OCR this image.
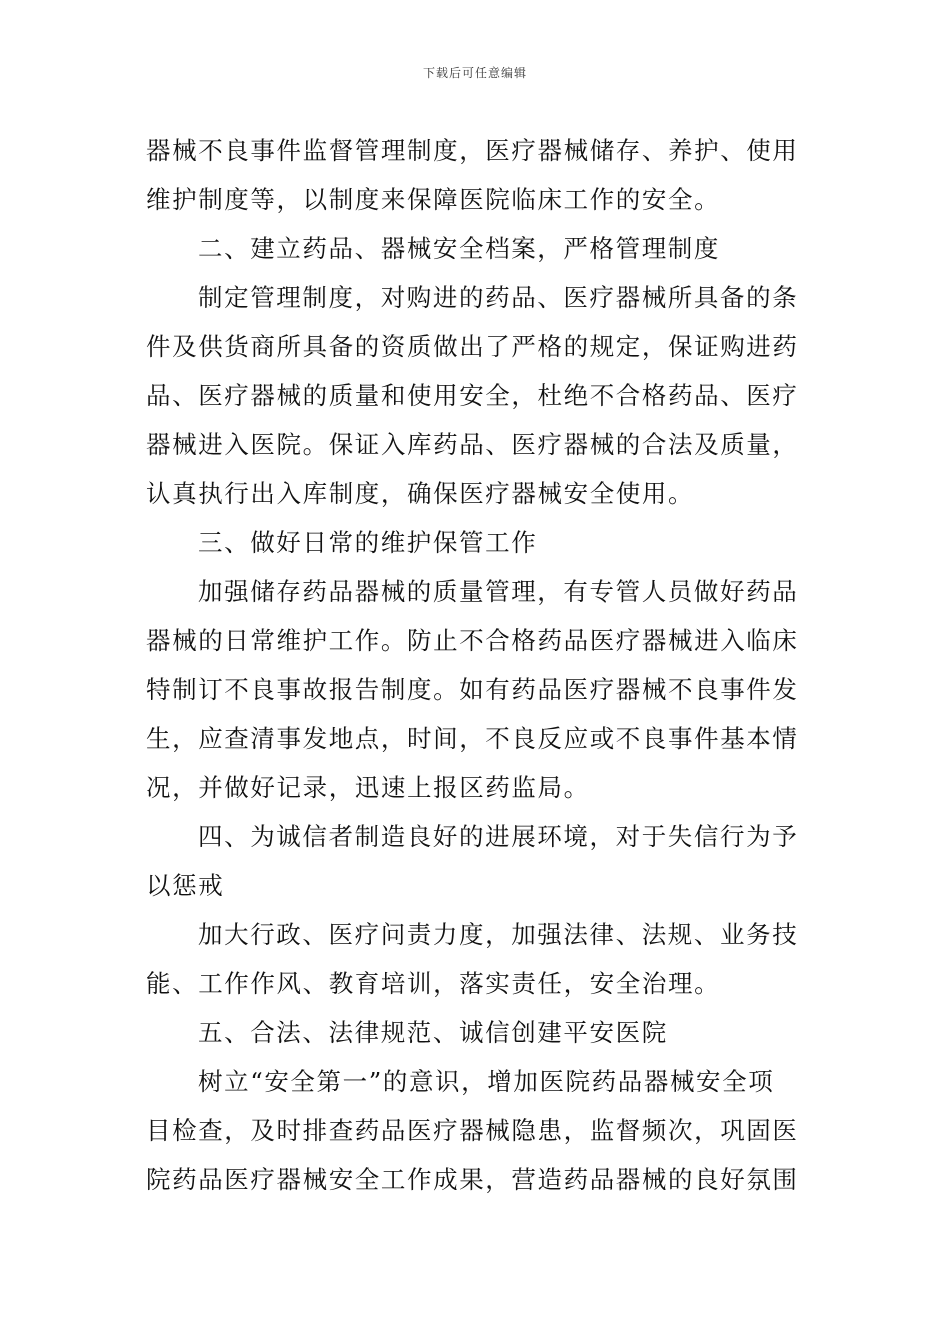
下载后可任意编辑
器械不良事件监督管理制度，医疗器械储存、养护、使用
维护制度等，以制度来保障医院临床工作的安全。
二、建立药品、器械安全档案，严格管理制度
制定管理制度，对购进的药品、医疗器械所具备的条
件及供货商所具备的资质做出了严格的规定，保证购进药
品、医疗器械的质量和使用安全，杜绝不合格药品、医疗
器械进入医院。保证入库药品、医疗器械的合法及质量，
认真执行出入库制度，确保医疗器械安全使用。
三、做好日常的维护保管工作
加强储存药品器械的质量管理，有专管人员做好药品
器械的日常维护工作。防止不合格药品医疗器械进入临床
特制订不良事故报告制度。如有药品医疗器械不良事件发
生，应查清事发地点，时间，不良反应或不良事件基本情
况，并做好记录，迅速上报区药监局。
四、为诚信者制造良好的进展环境，对于失信行为予
以惩戒
加大行政、医疗问责力度，加强法律、法规、业务技
能、工作作风、教育培训，落实责任，安全治理。
五、合法、法律规范、诚信创建平安医院
树立“安全第一”的意识，增加医院药品器械安全项
目检查，及时排查药品医疗器械隐患，监督频次，巩固医
院药品医疗器械安全工作成果，营造药品器械的良好氛围
